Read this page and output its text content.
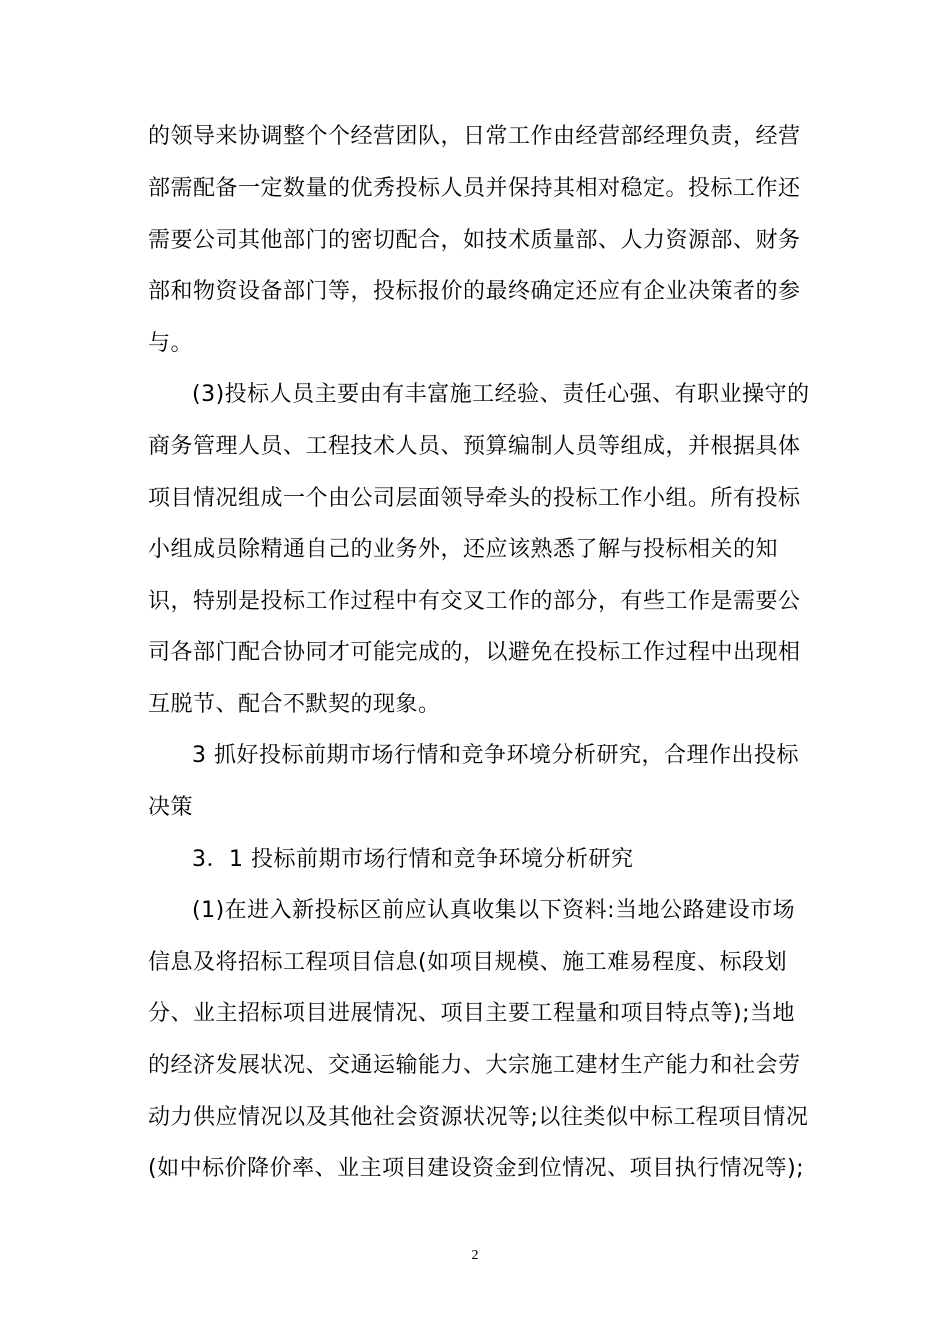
的领导来协调整个个经营团队，日常工作由经营部经理负责，经营
部需配备一定数量的优秀投标人员并保持其相对稳定。投标工作还
需要公司其他部门的密切配合，如技术质量部、人力资源部、财务
部和物资设备部门等，投标报价的最终确定还应有企业决策者的参
与。
(3)投标人员主要由有丰富施工经验、责任心强、有职业操守的
商务管理人员、工程技术人员、预算编制人员等组成，并根据具体
项目情况组成一个由公司层面领导牵头的投标工作小组。所有投标
小组成员除精通自己的业务外，还应该熟悉了解与投标相关的知
识，特别是投标工作过程中有交叉工作的部分，有些工作是需要公
司各部门配合协同才可能完成的，以避免在投标工作过程中出现相
互脱节、配合不默契的现象。
3 抓好投标前期市场行情和竞争环境分析研究，合理作出投标
决策
3．1 投标前期市场行情和竞争环境分析研究
(1)在进入新投标区前应认真收集以下资料:当地公路建设市场
信息及将招标工程项目信息(如项目规模、施工难易程度、标段划
分、业主招标项目进展情况、项目主要工程量和项目特点等);当地
的经济发展状况、交通运输能力、大宗施工建材生产能力和社会劳
动力供应情况以及其他社会资源状况等;以往类似中标工程项目情况
(如中标价降价率、业主项目建设资金到位情况、项目执行情况等);
2
